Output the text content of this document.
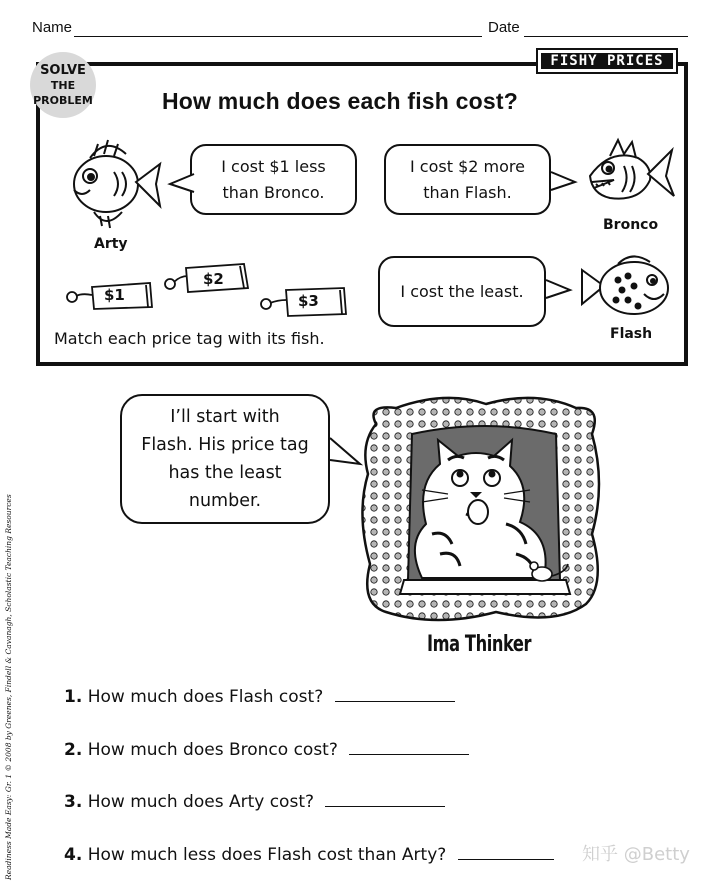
Name	Date
SOLVE
THE
PROBLEM
FISHY PRICES
How much does each fish cost?
Arty
I cost $1 less
than Bronco.
I cost $2 more
than Flash.
Bronco
$1
$2
$3
Match each price tag with its fish.
I cost the least.
Flash
I’ll start with
Flash. His price tag
has the least
number.
Ima Thinker
1. How much does Flash cost?
2. How much does Bronco cost?
3. How much does Arty cost?
4. How much less does Flash cost than Arty?
Readiness Made Easy: Gr. 1 © 2008 by Greenes, Findell & Cavanagh, Scholastic Teaching Resources	知乎 @Betty
